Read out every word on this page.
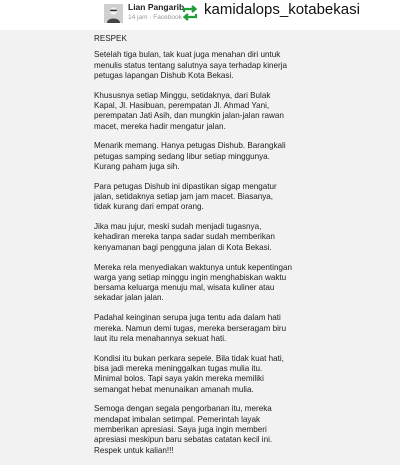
Lian Pangarib
14 jam · Facebook kamidalops_kotabekasi

RESPEK

Setelah tiga bulan, tak kuat juga menahan diri untuk
menulis status tentang salutnya saya terhadap kinerja
petugas lapangan Dishub Kota Bekasi.

Khususnya setiap Minggu, setidaknya, dari Bulak
Kapal, Jl. Hasibuan, perempatan Jl. Ahmad Yani,
perempatan Jati Asih, dan mungkin jalan-jalan rawan
macet, mereka hadir mengatur jalan.

Menarik memang. Hanya petugas Dishub. Barangkali
petugas samping sedang libur setiap minggunya.
Kurang paham juga sih.

Para petugas Dishub ini dipastikan sigap mengatur
jalan, setidaknya setiap jam jam macet. Biasanya,
tidak kurang dari empat orang.

Jika mau jujur, meski sudah menjadi tugasnya,
kehadiran mereka tanpa sadar sudah memberikan
kenyamanan bagi pengguna jalan di Kota Bekasi.

Mereka rela menyediakan waktunya untuk kepentingan
warga yang setiap minggu ingin menghabiskan waktu
bersama keluarga menuju mal, wisata kuliner atau
sekadar jalan jalan.

Padahal keinginan serupa juga tentu ada dalam hati
mereka. Namun demi tugas, mereka berseragam biru
laut itu rela menahannya sekuat hati.

Kondisi itu bukan perkara sepele. Bila tidak kuat hati,
bisa jadi mereka meninggalkan tugas mulia itu.
Minimal bolos. Tapi saya yakin mereka memiliki
semangat hebat menunaikan amanah mulia.

Semoga dengan segala pengorbanan itu, mereka
mendapat imbalan setimpal. Pemerintah layak
memberikan apresiasi. Saya juga ingin memberi
apresiasi meskipun baru sebatas catatan kecil ini.
Respek untuk kalian!!!
